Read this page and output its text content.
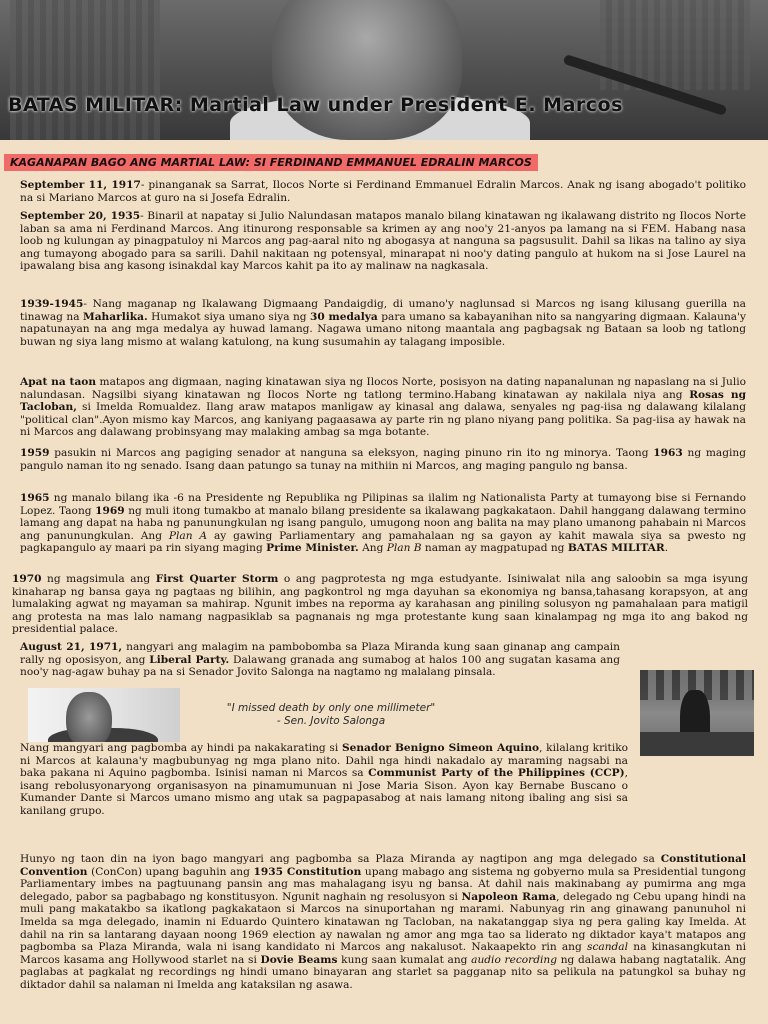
BATAS MILITAR: Martial Law under President E. Marcos
KAGANAPAN BAGO ANG MARTIAL LAW: SI FERDINAND EMMANUEL EDRALIN MARCOS

September 11, 1917- pinanganak sa Sarrat, Ilocos Norte si Ferdinand Emmanuel Edralin Marcos. Anak ng isang abogado't politiko na si Mariano Marcos at guro na si Josefa Edralin.

September 20, 1935- Binaril at napatay si Julio Nalundasan matapos manalo bilang kinatawan ng ikalawang distrito ng Ilocos Norte laban sa ama ni Ferdinand Marcos. Ang itinurong responsable sa krimen ay ang noo'y 21-anyos pa lamang na si FEM. Habang nasa loob ng kulungan ay pinagpatuloy ni Marcos ang pag-aaral nito ng abogasya at nanguna sa pagsusulit. Dahil sa likas na talino ay siya ang tumayong abogado para sa sarili. Dahil nakitaan ng potensyal, minarapat ni noo'y dating pangulo at hukom na si Jose Laurel na ipawalang bisa ang kasong isinakdal kay Marcos kahit pa ito ay malinaw na nagkasala.

1939-1945- Nang maganap ng Ikalawang Digmaang Pandaigdig, di umano'y naglunsad si Marcos ng isang kilusang guerilla na tinawag na Maharlika. Humakot siya umano siya ng 30 medalya para umano sa kabayanihan nito sa nangyaring digmaan. Kalauna'y napatunayan na ang mga medalya ay huwad lamang. Nagawa umano nitong maantala ang pagbagsak ng Bataan sa loob ng tatlong buwan ng siya lang mismo at walang katulong, na kung susumahin ay talagang imposible.

Apat na taon matapos ang digmaan, naging kinatawan siya ng Ilocos Norte, posisyon na dating napanalunan ng napaslang na si Julio nalundasan. Nagsilbi siyang kinatawan ng Ilocos Norte ng tatlong termino.Habang kinatawan ay nakilala niya ang Rosas ng Tacloban, si Imelda Romualdez. Ilang araw matapos manligaw ay kinasal ang dalawa, senyales ng pag-iisa ng dalawang kilalang "political clan".Ayon mismo kay Marcos, ang kaniyang pagaasawa ay parte rin ng plano niyang pang politika. Sa pag-iisa ay hawak na ni Marcos ang dalawang probinsyang may malaking ambag sa mga botante.

1959 pasukin ni Marcos ang pagiging senador at nanguna sa eleksyon, naging pinuno rin ito ng minorya. Taong 1963 ng maging pangulo naman ito ng senado. Isang daan patungo sa tunay na mithiin ni Marcos, ang maging pangulo ng bansa.

1965 ng manalo bilang ika -6 na Presidente ng Republika ng Pilipinas sa ilalim ng Nationalista Party at tumayong bise si Fernando Lopez. Taong 1969 ng muli itong tumakbo at manalo bilang presidente sa ikalawang pagkakataon. Dahil hanggang dalawang termino lamang ang dapat na haba ng panunungkulan ng isang pangulo, umugong noon ang balita na may plano umanong pahabain ni Marcos ang panunungkulan. Ang Plan A ay gawing Parliamentary ang pamahalaan ng sa gayon ay kahit mawala siya sa pwesto ng pagkapangulo ay maari pa rin siyang maging Prime Minister. Ang Plan B naman ay magpatupad ng BATAS MILITAR.

1970 ng magsimula ang First Quarter Storm o ang pagprotesta ng mga estudyante. Isiniwalat nila ang saloobin sa mga isyung kinaharap ng bansa gaya ng pagtaas ng bilihin, ang pagkontrol ng mga dayuhan sa ekonomiya ng bansa,tahasang korapsyon, at ang lumalaking agwat ng mayaman sa mahirap. Ngunit imbes na reporma ay karahasan ang piniling solusyon ng pamahalaan para matigil ang protesta na mas lalo namang nagpasiklab sa pagnanais ng mga protestante kung saan kinalampag ng mga ito ang bakod ng presidential palace.

August 21, 1971, nangyari ang malagim na pambobomba sa Plaza Miranda kung saan ginanap ang campain rally ng oposisyon, ang Liberal Party. Dalawang granada ang sumabog at halos 100 ang sugatan kasama ang noo'y nag-agaw buhay pa na si Senador Jovito Salonga na nagtamo ng malalang pinsala.

"I missed death by only one millimeter"
- Sen. Jovito Salonga

Nang mangyari ang pagbomba ay hindi pa nakakarating si Senador Benigno Simeon Aquino, kilalang kritiko ni Marcos at kalauna'y magbubunyag ng mga plano nito. Dahil nga hindi nakadalo ay maraming nagsabi na baka pakana ni Aquino pagbomba. Isinisi naman ni Marcos sa Communist Party of the Philippines (CCP), isang rebolusyonaryong organisasyon na pinamumunuan ni Jose Maria Sison. Ayon kay Bernabe Buscano o Kumander Dante si Marcos umano mismo ang utak sa pagpapasabog at nais lamang nitong ibaling ang sisi sa kanilang grupo.

Hunyo ng taon din na iyon bago mangyari ang pagbomba sa Plaza Miranda ay nagtipon ang mga delegado sa Constitutional Convention (ConCon) upang baguhin ang 1935 Constitution upang mabago ang sistema ng gobyerno mula sa Presidential tungong Parliamentary imbes na pagtuunang pansin ang mas mahalagang isyu ng bansa. At dahil nais makinabang ay pumirma ang mga delegado, pabor sa pagbabago ng konstitusyon. Ngunit naghain ng resolusyon si Napoleon Rama, delegado ng Cebu upang hindi na muli pang makatakbo sa ikatlong pagkakataon si Marcos na sinuportahan ng marami. Nabunyag rin ang ginawang panunuhol ni Imelda sa mga delegado, inamin ni Eduardo Quintero kinatawan ng Tacloban, na nakatanggap siya ng pera galing kay Imelda. At dahil na rin sa lantarang dayaan noong 1969 election ay nawalan ng amor ang mga tao sa liderato ng diktador kaya't matapos ang pagbomba sa Plaza Miranda, wala ni isang kandidato ni Marcos ang nakalusot. Nakaapekto rin ang scandal na kinasangkutan ni Marcos kasama ang Hollywood starlet na si Dovie Beams kung saan kumalat ang audio recording ng dalawa habang nagtatalik. Ang paglabas at pagkalat ng recordings ng hindi umano binayaran ang starlet sa pagganap nito sa pelikula na patungkol sa buhay ng diktador dahil sa nalaman ni Imelda ang kataksilan ng asawa.
